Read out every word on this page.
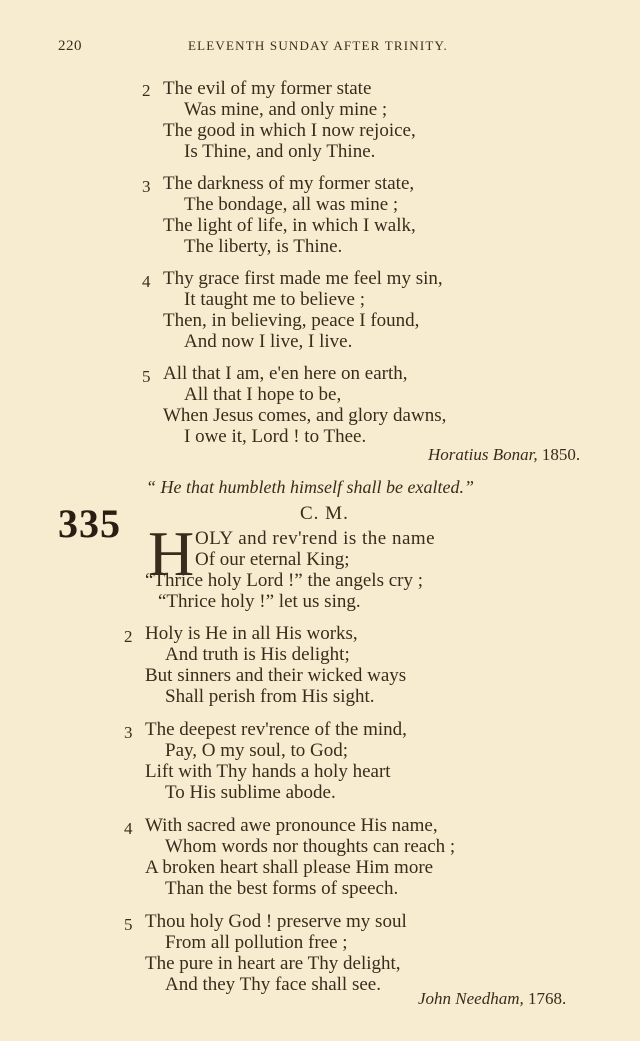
220	ELEVENTH SUNDAY AFTER TRINITY.
2 The evil of my former state
Was mine, and only mine ;
The good in which I now rejoice,
Is Thine, and only Thine.
3 The darkness of my former state,
The bondage, all was mine ;
The light of life, in which I walk,
The liberty, is Thine.
4 Thy grace first made me feel my sin,
It taught me to believe ;
Then, in believing, peace I found,
And now I live, I live.
5 All that I am, e'en here on earth,
All that I hope to be,
When Jesus comes, and glory dawns,
I owe it, Lord ! to Thee.
Horatius Bonar, 1850.
“ He that humbleth himself shall be exalted.”
335	C. M.
H OLY and rev'rend is the name
Of our eternal King;
“Thrice holy Lord !” the angels cry ;
“Thrice holy !” let us sing.
2 Holy is He in all His works,
And truth is His delight;
But sinners and their wicked ways
Shall perish from His sight.
3 The deepest rev'rence of the mind,
Pay, O my soul, to God;
Lift with Thy hands a holy heart
To His sublime abode.
4 With sacred awe pronounce His name,
Whom words nor thoughts can reach ;
A broken heart shall please Him more
Than the best forms of speech.
5 Thou holy God ! preserve my soul
From all pollution free ;
The pure in heart are Thy delight,
And they Thy face shall see.
John Needham, 1768.
